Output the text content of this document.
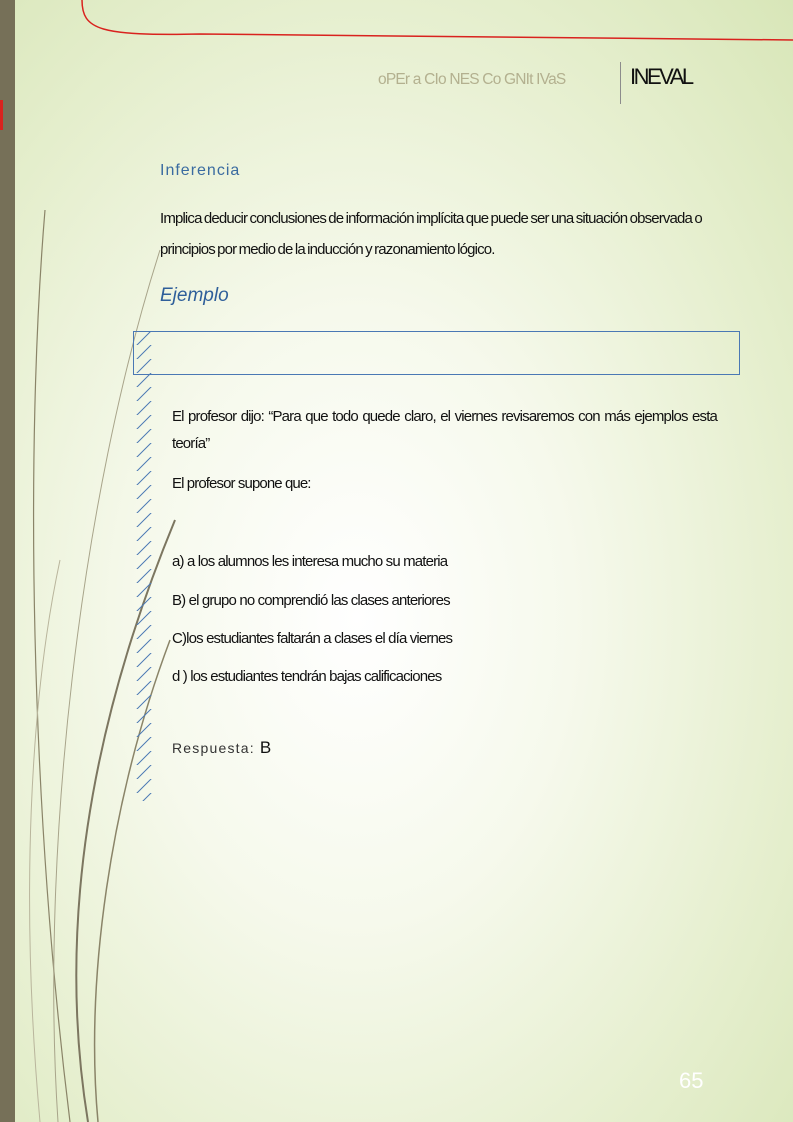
oPEr a CIo NES Co GNIt IVaS	INEVAL
Inferencia
Implica deducir conclusiones de información implícita que puede ser una situación observada o principios por medio de la inducción y razonamiento lógico.
Ejemplo
El profesor dijo: “Para que todo quede claro, el viernes revisaremos con más ejemplos esta teoría”
El profesor supone que:
a) a los alumnos les interesa mucho su materia
B) el grupo no comprendió las clases anteriores
C)los estudiantes faltarán a clases el día viernes
d ) los estudiantes tendrán bajas calificaciones
Respuesta: B
65
